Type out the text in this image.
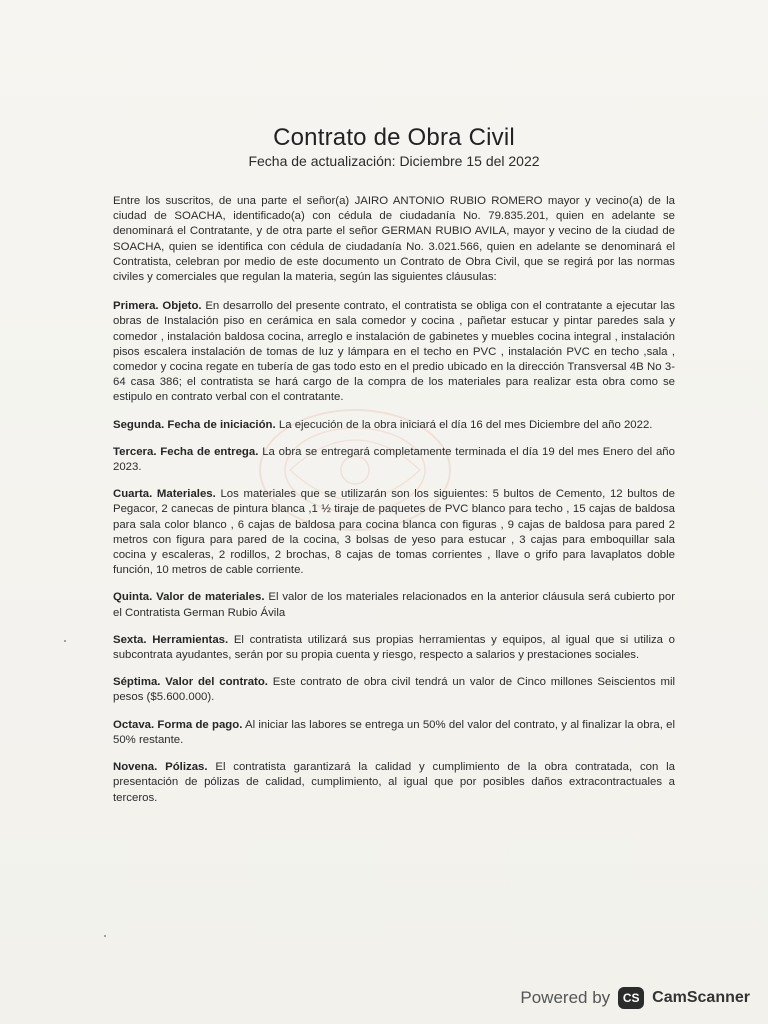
Contrato de Obra Civil
Fecha de actualización: Diciembre 15 del 2022

Entre los suscritos, de una parte el señor(a) JAIRO ANTONIO RUBIO ROMERO mayor y vecino(a) de la ciudad de SOACHA, identificado(a) con cédula de ciudadanía No. 79.835.201, quien en adelante se denominará el Contratante, y de otra parte el señor GERMAN RUBIO AVILA, mayor y vecino de la ciudad de SOACHA, quien se identifica con cédula de ciudadanía No. 3.021.566, quien en adelante se denominará el Contratista, celebran por medio de este documento un Contrato de Obra Civil, que se regirá por las normas civiles y comerciales que regulan la materia, según las siguientes cláusulas:

Primera. Objeto. En desarrollo del presente contrato, el contratista se obliga con el contratante a ejecutar las obras de Instalación piso en cerámica en sala comedor y cocina , pañetar estucar y pintar paredes sala y comedor , instalación baldosa cocina, arreglo e instalación de gabinetes y muebles cocina integral , instalación pisos escalera instalación de tomas de luz y lámpara en el techo en PVC , instalación PVC en techo ,sala , comedor y cocina regate en tubería de gas todo esto en el predio ubicado en la dirección Transversal 4B No 3-64 casa 386; el contratista se hará cargo de la compra de los materiales para realizar esta obra como se estipulo en contrato verbal con el contratante.

Segunda. Fecha de iniciación. La ejecución de la obra iniciará el día 16 del mes Diciembre del año 2022.

Tercera. Fecha de entrega. La obra se entregará completamente terminada el día 19 del mes Enero del año 2023.

Cuarta. Materiales. Los materiales que se utilizarán son los siguientes: 5 bultos de Cemento, 12 bultos de Pegacor, 2 canecas de pintura blanca ,1 ½ tiraje de paquetes de PVC blanco para techo , 15 cajas de baldosa para sala color blanco , 6 cajas de baldosa para cocina blanca con figuras , 9 cajas de baldosa para pared 2 metros con figura para pared de la cocina, 3 bolsas de yeso para estucar , 3 cajas para emboquillar sala cocina y escaleras, 2 rodillos, 2 brochas, 8 cajas de tomas corrientes , llave o grifo para lavaplatos doble función, 10 metros de cable corriente.

Quinta. Valor de materiales. El valor de los materiales relacionados en la anterior cláusula será cubierto por el Contratista German Rubio Ávila

Sexta. Herramientas. El contratista utilizará sus propias herramientas y equipos, al igual que si utiliza o subcontrata ayudantes, serán por su propia cuenta y riesgo, respecto a salarios y prestaciones sociales.

Séptima. Valor del contrato. Este contrato de obra civil tendrá un valor de Cinco millones Seiscientos mil pesos ($5.600.000).

Octava. Forma de pago. Al iniciar las labores se entrega un 50% del valor del contrato, y al finalizar la obra, el 50% restante.

Novena. Pólizas. El contratista garantizará la calidad y cumplimiento de la obra contratada, con la presentación de pólizas de calidad, cumplimiento, al igual que por posibles daños extracontractuales a terceros.

Powered by	CS CamScanner
